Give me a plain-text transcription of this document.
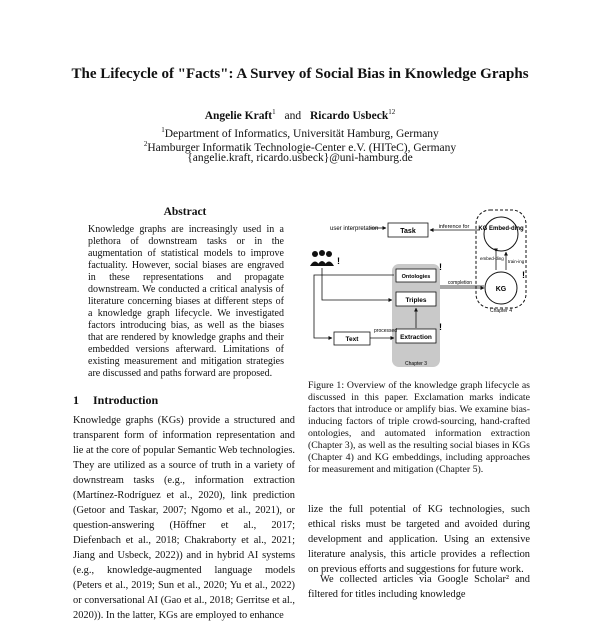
The Lifecycle of "Facts": A Survey of Social Bias in Knowledge Graphs
Angelie Kraft$^1$ and Ricardo Usbeck$^{12}$
$^1$Department of Informatics, Universität Hamburg, Germany
$^2$Hamburger Informatik Technologie-Center e.V. (HITeC), Germany
{angelie.kraft, ricardo.usbeck}@uni-hamburg.de
Abstract
Knowledge graphs are increasingly used in a plethora of downstream tasks or in the augmentation of statistical models to improve factuality. However, social biases are engraved in these representations and propagate downstream. We conducted a critical analysis of literature concerning biases at different steps of a knowledge graph lifecycle. We investigated factors introducing bias, as well as the biases that are rendered by knowledge graphs and their embedded versions afterward. Limitations of existing measurement and mitigation strategies are discussed and paths forward are proposed.
1 Introduction
Knowledge graphs (KGs) provide a structured and transparent form of information representation and lie at the core of popular Semantic Web technologies. They are utilized as a source of truth in a variety of downstream tasks (e.g., information extraction (Martínez-Rodríguez et al., 2020), link prediction (Getoor and Taskar, 2007; Ngomo et al., 2021), or question-answering (Höffner et al., 2017; Diefenbach et al., 2018; Chakraborty et al., 2021; Jiang and Usbeck, 2022)) and in hybrid AI systems (e.g., knowledge-augmented language models (Peters et al., 2019; Sun et al., 2020; Yu et al., 2022) or conversational AI (Gao et al., 2018; Gerritse et al., 2020)). In the latter, KGs are employed to enhance
user interpretation	Task
inference for KG Embed-ding
embed-ding
train-ing
KG
!
!
Chapter 3
Ontologies
!
Triples
completion
Extraction
!
Text
processed
Chapter 4
Figure 1: Overview of the knowledge graph lifecycle as discussed in this paper. Exclamation marks indicate factors that introduce or amplify bias. We examine bias-inducing factors of triple crowd-sourcing, hand-crafted ontologies, and automated information extraction (Chapter 3), as well as the resulting social biases in KGs (Chapter 4) and KG embeddings, including approaches for measurement and mitigation (Chapter 5).
lize the full potential of KG technologies, such ethical risks must be targeted and avoided during development and application. Using an extensive literature analysis, this article provides a reflection on previous efforts and suggestions for future work.
We collected articles via Google Scholar² and filtered for titles including knowledge
